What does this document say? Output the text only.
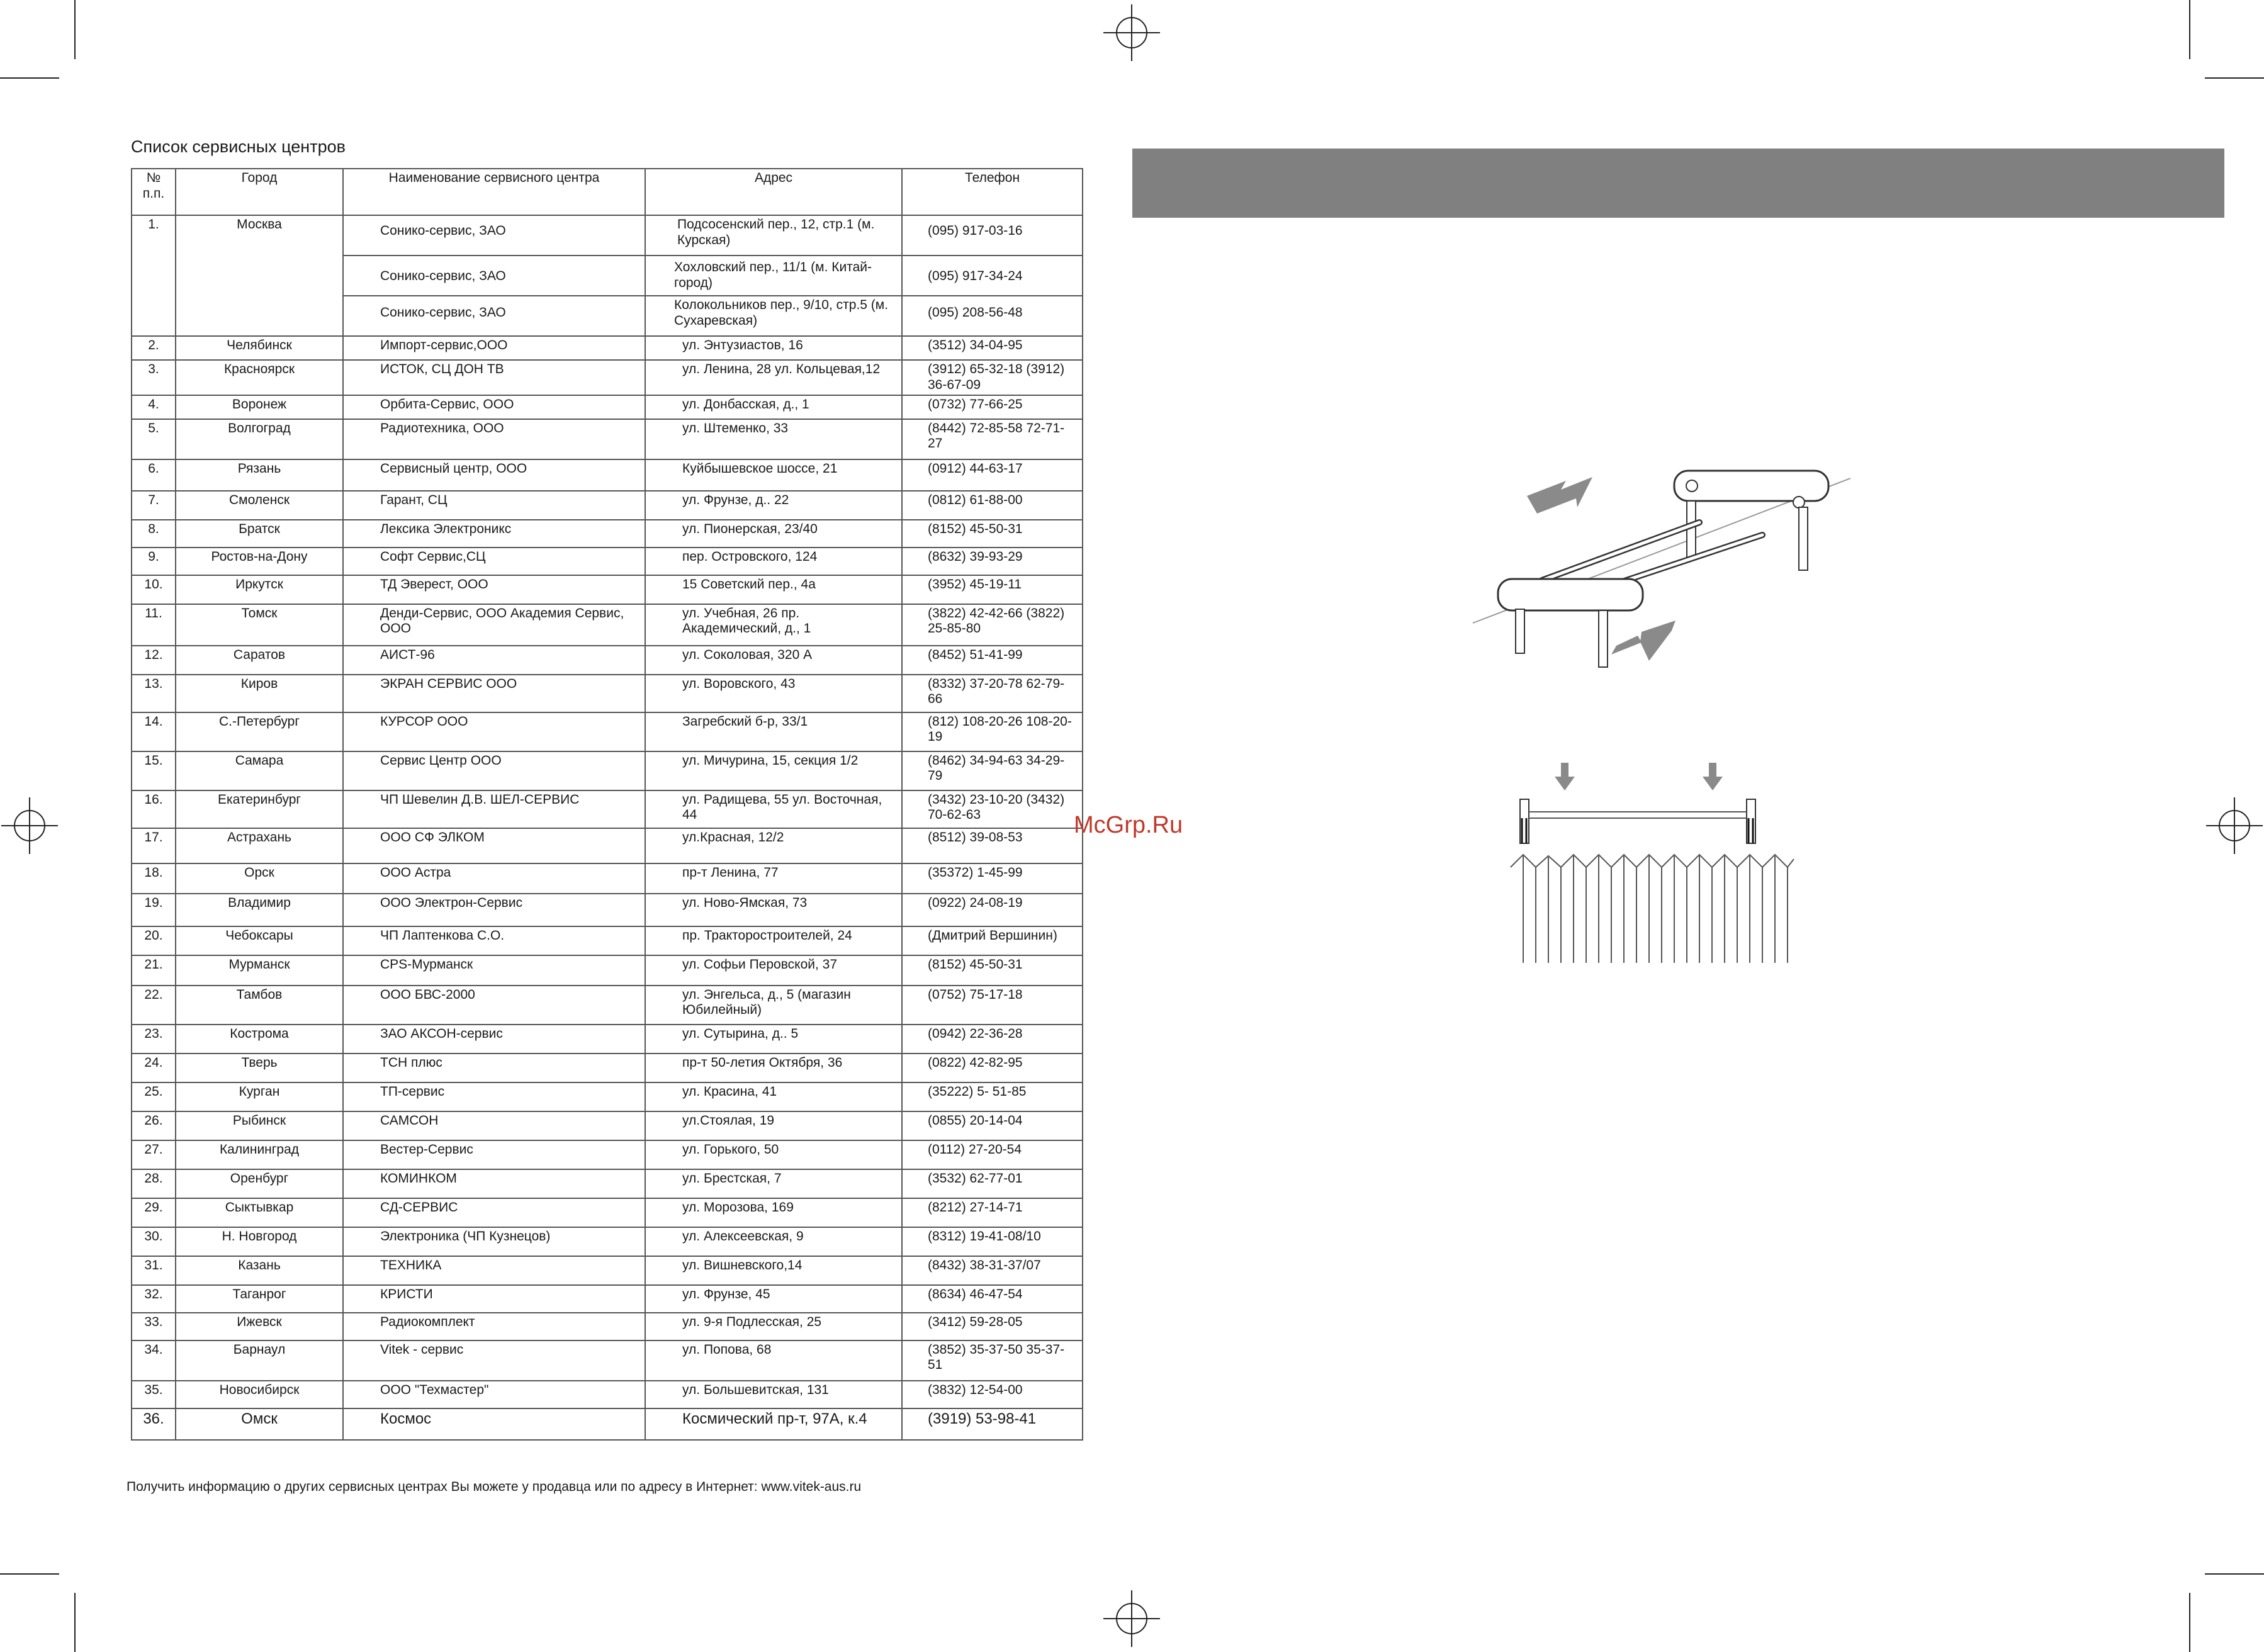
Список сервисных центров
№ п.п.	Город	Наименование сервисного центра	Адрес	Телефон
1.	Москва	Сонико-сервис, ЗАО	Подсосенский пер., 12, стр.1 (м. Курская)	(095) 917-03-16
		Сонико-сервис, ЗАО	Хохловский пер., 11/1 (м. Китай-город)	(095) 917-34-24
		Сонико-сервис, ЗАО	Колокольников пер., 9/10, стр.5 (м. Сухаревская)	(095) 208-56-48
2.	Челябинск	Импорт-сервис,ООО	ул. Энтузиастов, 16	(3512) 34-04-95
3.	Красноярск	ИСТОК, СЦ ДОН ТВ	ул. Ленина, 28 ул. Кольцевая,12	(3912) 65-32-18 (3912) 36-67-09
4.	Воронеж	Орбита-Сервис, ООО	ул. Донбасская, д., 1	(0732) 77-66-25
5.	Волгоград	Радиотехника, ООО	ул. Штеменко, 33	(8442) 72-85-58 72-71-27
6.	Рязань	Сервисный центр, ООО	Куйбышевское шоссе, 21	(0912) 44-63-17
7.	Смоленск	Гарант, СЦ	ул. Фрунзе, д.. 22	(0812) 61-88-00
8.	Братск	Лексика Электроникс	ул. Пионерская, 23/40	(8152) 45-50-31
9.	Ростов-на-Дону	Софт Сервис,СЦ	пер. Островского, 124	(8632) 39-93-29
10.	Иркутск	ТД Эверест, ООО	15 Советский пер., 4а	(3952) 45-19-11
11.	Томск	Денди-Сервис, ООО Академия Сервис, ООО	ул. Учебная, 26 пр. Академический, д., 1	(3822) 42-42-66 (3822) 25-85-80
12.	Саратов	АИСТ-96	ул. Соколовая, 320 А	(8452) 51-41-99
13.	Киров	ЭКРАН СЕРВИС ООО	ул. Воровского, 43	(8332) 37-20-78 62-79-66
14.	С.-Петербург	КУРСОР ООО	Загребский б-р, 33/1	(812) 108-20-26 108-20-19
15.	Самара	Сервис Центр ООО	ул. Мичурина, 15, секция 1/2	(8462) 34-94-63 34-29-79
16.	Екатеринбург	ЧП Шевелин Д.В. ШЕЛ-СЕРВИС	ул. Радищева, 55 ул. Восточная, 44	(3432) 23-10-20 (3432) 70-62-63
17.	Астрахань	ООО СФ ЭЛКОМ	ул.Красная, 12/2	(8512) 39-08-53
18.	Орск	ООО Астра	пр-т Ленина, 77	(35372) 1-45-99
19.	Владимир	ООО Электрон-Сервис	ул. Ново-Ямская, 73	(0922) 24-08-19
20.	Чебоксары	ЧП Лаптенкова С.О.	пр. Тракторостроителей, 24	(Дмитрий Вершинин)
21.	Мурманск	CPS-Мурманск	ул. Софьи Перовской, 37	(8152) 45-50-31
22.	Тамбов	ООО БВС-2000	ул. Энгельса, д., 5 (магазин Юбилейный)	(0752) 75-17-18
23.	Кострома	ЗАО АКСОН-сервис	ул. Сутырина, д.. 5	(0942) 22-36-28
24.	Тверь	ТСН плюс	пр-т 50-летия Октября, 36	(0822) 42-82-95
25.	Курган	ТП-сервис	ул. Красина, 41	(35222) 5- 51-85
26.	Рыбинск	САМСОН	ул.Стоялая, 19	(0855) 20-14-04
27.	Калининград	Вестер-Сервис	ул. Горького, 50	(0112) 27-20-54
28.	Оренбург	КОМИНКОМ	ул. Брестская, 7	(3532) 62-77-01
29.	Сыктывкар	СД-СЕРВИС	ул. Морозова, 169	(8212) 27-14-71
30.	Н. Новгород	Электроника (ЧП Кузнецов)	ул. Алексеевская, 9	(8312) 19-41-08/10
31.	Казань	ТЕХНИКА	ул. Вишневского,14	(8432) 38-31-37/07
32.	Таганрог	КРИСТИ	ул. Фрунзе, 45	(8634) 46-47-54
33.	Ижевск	Радиокомплект	ул. 9-я Подлесская, 25	(3412) 59-28-05
34.	Барнаул	Vitek - сервис	ул. Попова, 68	(3852) 35-37-50 35-37-51
35.	Новосибирск	ООО "Техмастер"	ул. Большевитская, 131	(3832) 12-54-00
36.	Омск	Космос	Космический пр-т, 97А, к.4	(3919) 53-98-41
Получить информацию о других сервисных центрах Вы можете у продавца или по адресу в Интернет: www.vitek-aus.ru
McGrp.Ru
